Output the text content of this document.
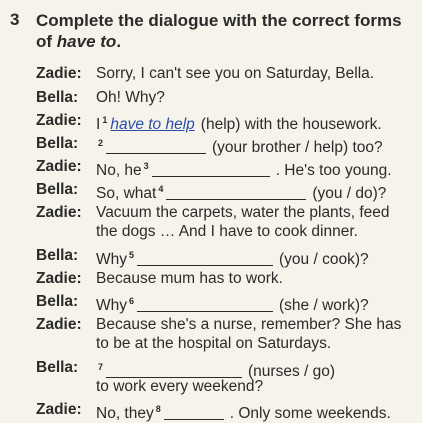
3 Complete the dialogue with the correct forms
of have to.
Zadie: Sorry, I can't see you on Saturday, Bella.
Bella: Oh! Why?
Zadie: I $^1$ have to help (help) with the housework.
Bella: $^2$	(your brother / help) too?
Zadie: No, he $^3$	. He's too young.
Bella: So, what $^4$	(you / do)?
Zadie: Vacuum the carpets, water the plants, feed
the dogs … And I have to cook dinner.
Bella: Why $^5$	(you / cook)?
Zadie: Because mum has to work.
Bella: Why $^6$	(she / work)?
Zadie: Because she's a nurse, remember? She has
to be at the hospital on Saturdays.
Bella: $^7$	(nurses / go)
to work every weekend?
Zadie: No, they $^8$	. Only some weekends.
